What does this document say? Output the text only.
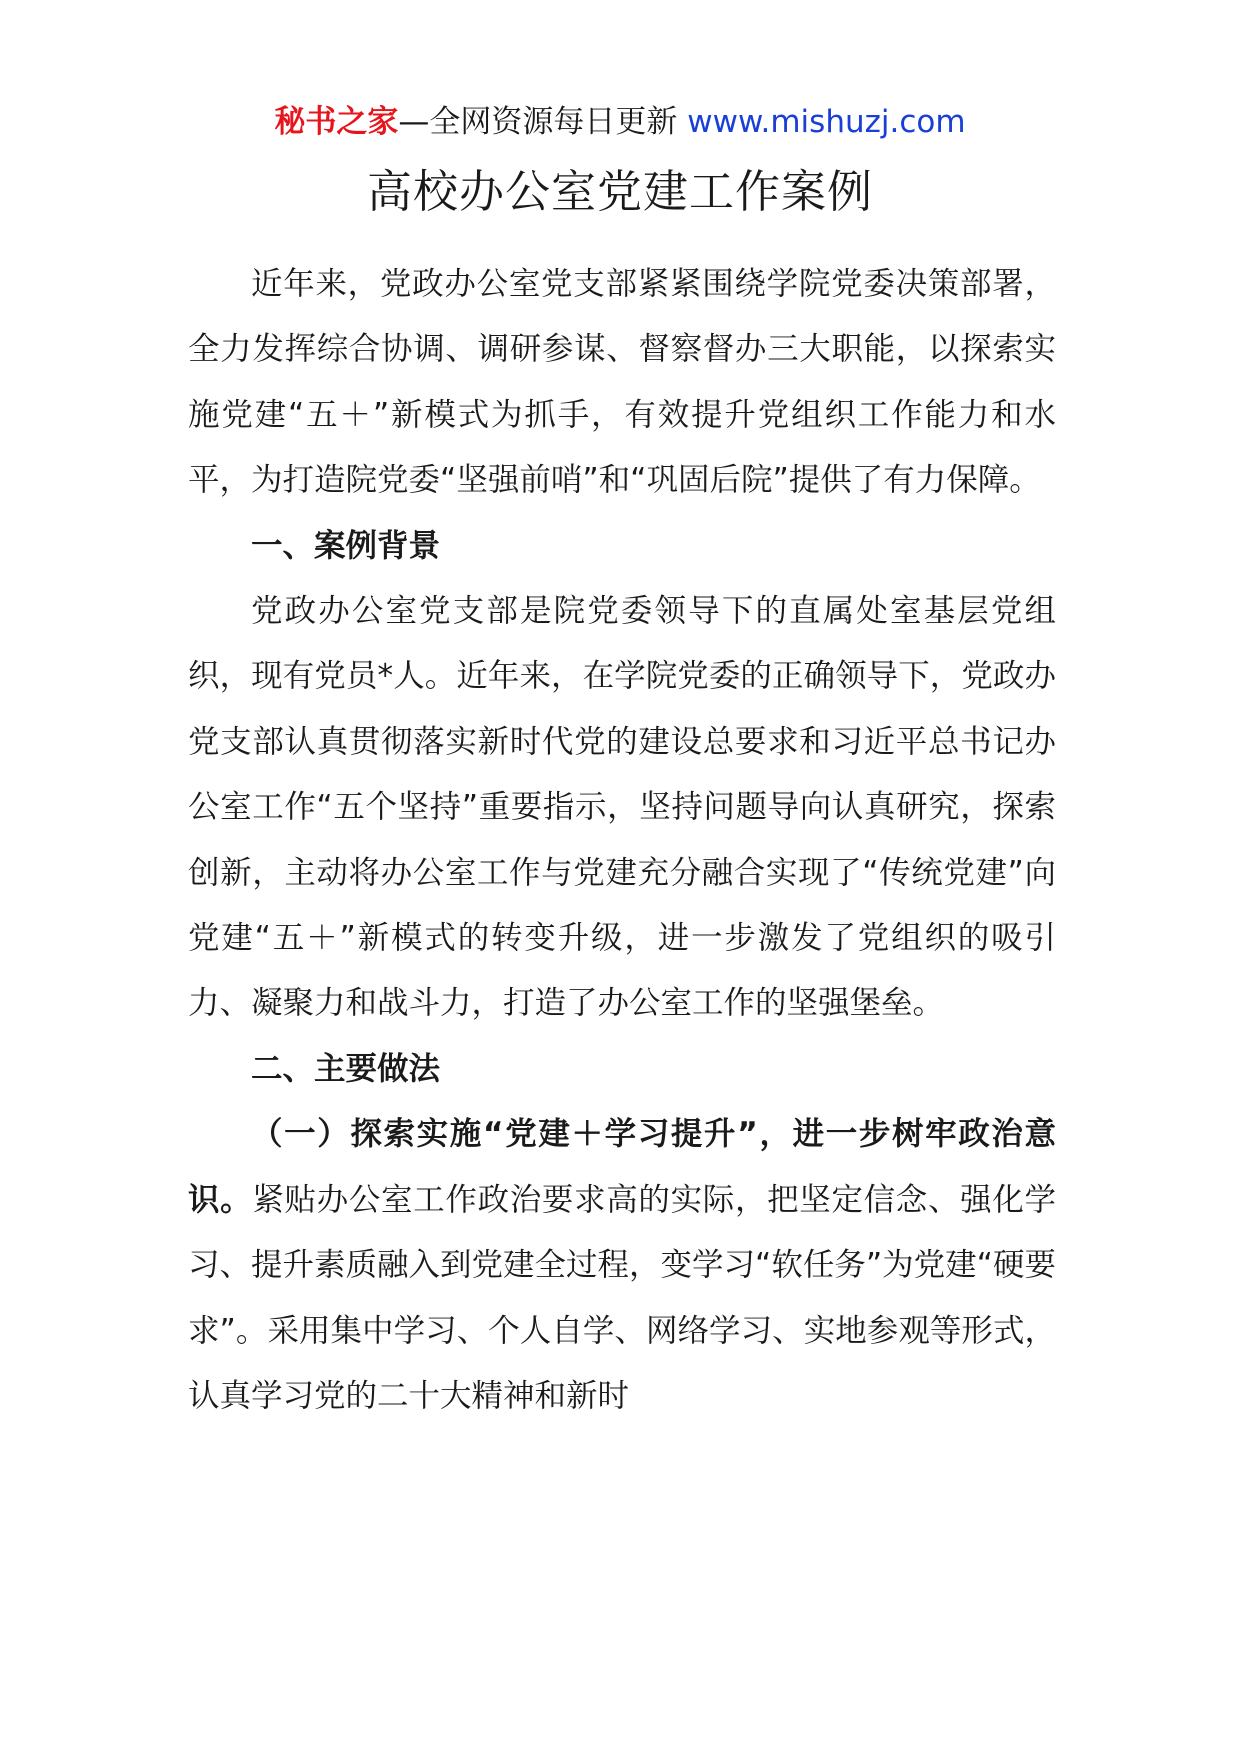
秘书之家—全网资源每日更新 www.mishuzj.com
高校办公室党建工作案例

近年来，党政办公室党支部紧紧围绕学院党委决策部署，全力发挥综合协调、调研参谋、督察督办三大职能，以探索实施党建“五＋”新模式为抓手，有效提升党组织工作能力和水平，为打造院党委“坚强前哨”和“巩固后院”提供了有力保障。

一、案例背景

党政办公室党支部是院党委领导下的直属处室基层党组织，现有党员*人。近年来，在学院党委的正确领导下，党政办党支部认真贯彻落实新时代党的建设总要求和习近平总书记办公室工作“五个坚持”重要指示，坚持问题导向认真研究，探索创新，主动将办公室工作与党建充分融合实现了“传统党建”向党建“五＋”新模式的转变升级，进一步激发了党组织的吸引力、凝聚力和战斗力，打造了办公室工作的坚强堡垒。

二、主要做法

（一）探索实施“党建＋学习提升”，进一步树牢政治意识。紧贴办公室工作政治要求高的实际，把坚定信念、强化学习、提升素质融入到党建全过程，变学习“软任务”为党建“硬要求”。采用集中学习、个人自学、网络学习、实地参观等形式，认真学习党的二十大精神和新时
